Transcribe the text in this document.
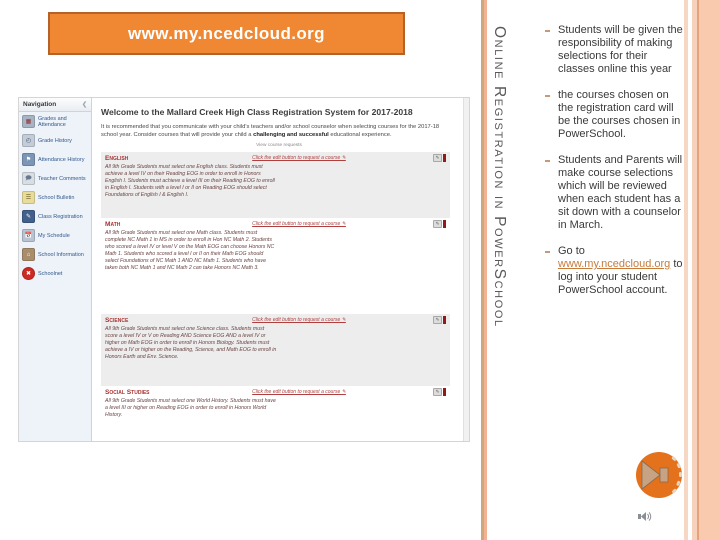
www.my.ncedcloud.org
Navigation	❮
▦
Grades and Attendance
◴	Grade History
⚑	Attendance History
🗩	Teacher Comments
☰	School Bulletin
✎	Class Registration
📅	My Schedule
⌂	School Information
✖	Schoolnet
Welcome to the Mallard Creek High Class Registration System for 2017-2018

It is recommended that you communicate with your child's teachers and/or school counselor when selecting courses for the 2017-18 school year. Consider courses that will provide your child a challenging and successful educational experience.

View course requests
English	Click the edit button to request a course ✎	✎
All 9th Grade Students must select one English class. Students must achieve a level IV on their Reading EOG in order to enroll in Honors English I. Students must achieve a level III on their Reading EOG to enroll in English I. Students with a level I or II on Reading EOG should select Foundations of English I & English I.
Math	Click the edit button to request a course ✎	✎
All 9th Grade Students must select one Math class. Students must complete NC Math 1 in MS in order to enroll in Hon NC Math 2. Students who scored a level IV or level V on the Math EOG can choose Honors NC Math 1. Students who scored a level I or II on their Math EOG should select Foundations of NC Math 1 AND NC Math 1. Students who have taken both NC Math 1 and NC Math 2 can take Honors NC Math 3.
Science	Click the edit button to request a course ✎	✎
All 9th Grade Students must select one Science class. Students must score a level IV or V on Reading AND Science EOG AND a level IV or higher on Math EOG in order to enroll in Honors Biology. Students must achieve a IV or higher on the Reading, Science, and Math EOG to enroll in Honors Earth and Env. Science.
Social Studies	Click the edit button to request a course ✎	✎
All 9th Grade Students must select one World History. Students must have a level III or higher on Reading EOG in order to enroll in Honors World History.
Online Registration in PowerSchool	Students will be given the responsibility of making selections for their classes online this year
the courses chosen on the registration card will be the courses chosen in PowerSchool.
Students and Parents will make course selections which will be reviewed when each student has a sit down with a counselor in March.
Go to www.my.ncedcloud.org to log into your student PowerSchool account.
